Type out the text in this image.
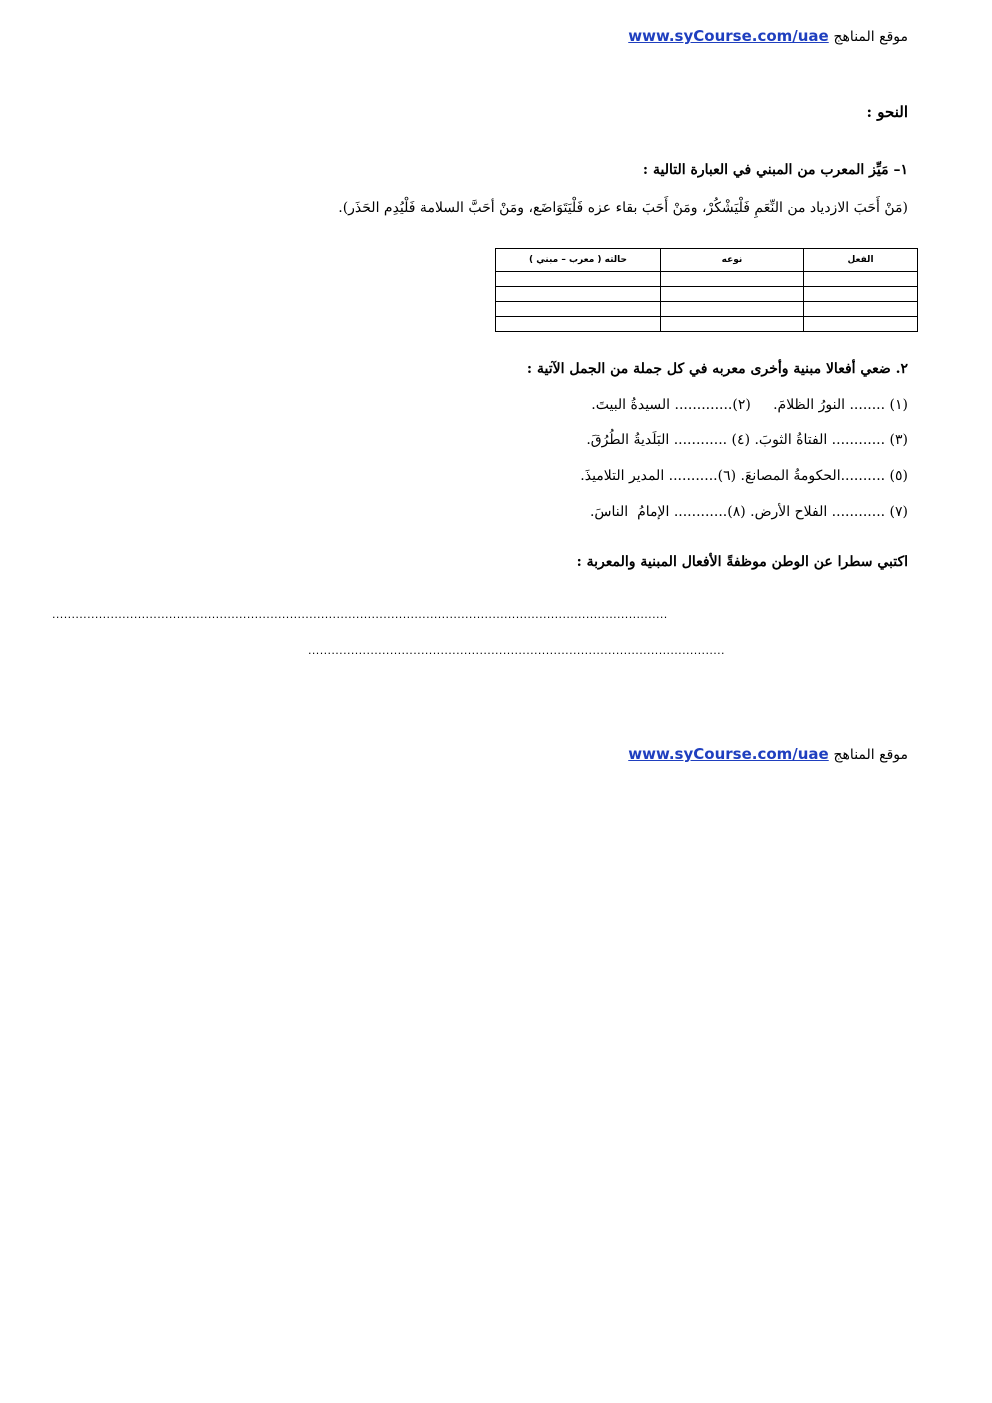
موقع المناهج www.syCourse.com/uae
النحو :
١– مَيِّز المعرب من المبني في العبارة التالية :
(مَنْ أَحَبَ الازدياد من النِّعَمِ فَلْيَشْكُرْ، ومَنْ أَحَبَ بقاء عزه فَلْيَتَوَاضَع، ومَنْ أحَبَّ السلامة فَلْيُدِم الحَذَر).
الفعل	نوعه	حالته ( معرب – مبني )

٢. ضعي أفعالا مبنية وأخرى معربه في كل جملة من الجمل الآتية :
(١) ........ النورُ الظلامَ.     (٢)............. السيدةُ البيتَ.
(٣) ............ الفتاةُ الثوبَ. (٤) ............ البَلَديةُ الطُرُقَ.
(٥) ..........الحكومةُ المصانعَ. (٦)........... المدير التلاميذَ.
(٧) ............ الفلاح الأرض. (٨)............ الإمامُ  الناسَ.
اكتبي سطرا عن الوطن موظفةً الأفعال المبنية والمعربة :
..............................................................................................................................................................
...........................................................................................................
موقع المناهج www.syCourse.com/uae
